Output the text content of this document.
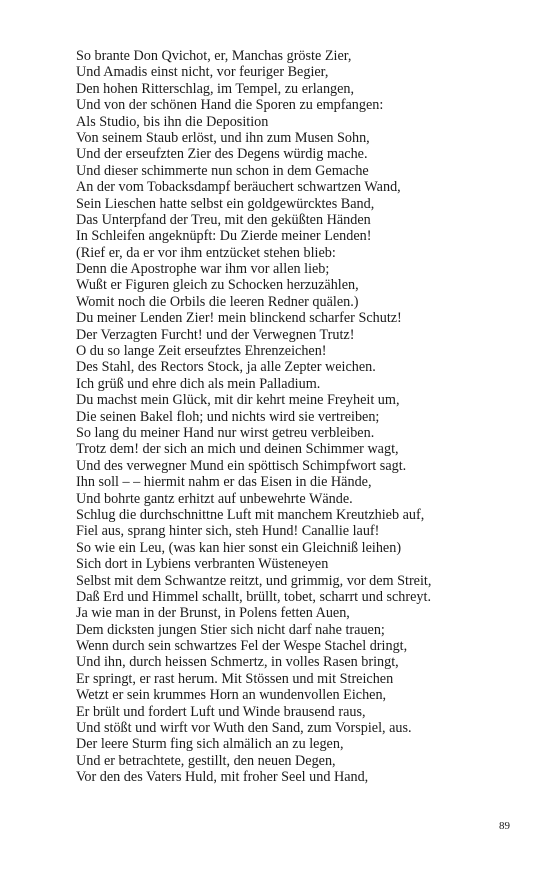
So brante Don Qvichot, er, Manchas gröste Zier,
Und Amadis einst nicht, vor feuriger Begier,
Den hohen Ritterschlag, im Tempel, zu erlangen,
Und von der schönen Hand die Sporen zu empfangen:
Als Studio, bis ihn die Deposition
Von seinem Staub erlöst, und ihn zum Musen Sohn,
Und der erseufzten Zier des Degens würdig mache.
Und dieser schimmerte nun schon in dem Gemache
An der vom Tobacksdampf beräuchert schwartzen Wand,
Sein Lieschen hatte selbst ein goldgewürcktes Band,
Das Unterpfand der Treu, mit den geküßten Händen
In Schleifen angeknüpft: Du Zierde meiner Lenden!
(Rief er, da er vor ihm entzücket stehen blieb:
Denn die Apostrophe war ihm vor allen lieb;
Wußt er Figuren gleich zu Schocken herzuzählen,
Womit noch die Orbils die leeren Redner quälen.)
Du meiner Lenden Zier! mein blinckend scharfer Schutz!
Der Verzagten Furcht! und der Verwegnen Trutz!
O du so lange Zeit erseufztes Ehrenzeichen!
Des Stahl, des Rectors Stock, ja alle Zepter weichen.
Ich grüß und ehre dich als mein Palladium.
Du machst mein Glück, mit dir kehrt meine Freyheit um,
Die seinen Bakel floh; und nichts wird sie vertreiben;
So lang du meiner Hand nur wirst getreu verbleiben.
Trotz dem! der sich an mich und deinen Schimmer wagt,
Und des verwegner Mund ein spöttisch Schimpfwort sagt.
Ihn soll – – hiermit nahm er das Eisen in die Hände,
Und bohrte gantz erhitzt auf unbewehrte Wände.
Schlug die durchschnittne Luft mit manchem Kreutzhieb auf,
Fiel aus, sprang hinter sich, steh Hund! Canallie lauf!
So wie ein Leu, (was kan hier sonst ein Gleichniß leihen)
Sich dort in Lybiens verbranten Wüsteneyen
Selbst mit dem Schwantze reitzt, und grimmig, vor dem Streit,
Daß Erd und Himmel schallt, brüllt, tobet, scharrt und schreyt.
Ja wie man in der Brunst, in Polens fetten Auen,
Dem dicksten jungen Stier sich nicht darf nahe trauen;
Wenn durch sein schwartzes Fel der Wespe Stachel dringt,
Und ihn, durch heissen Schmertz, in volles Rasen bringt,
Er springt, er rast herum. Mit Stössen und mit Streichen
Wetzt er sein krummes Horn an wundenvollen Eichen,
Er brült und fordert Luft und Winde brausend raus,
Und stößt und wirft vor Wuth den Sand, zum Vorspiel, aus.
Der leere Sturm fing sich almälich an zu legen,
Und er betrachtete, gestillt, den neuen Degen,
Vor den des Vaters Huld, mit froher Seel und Hand,
89
